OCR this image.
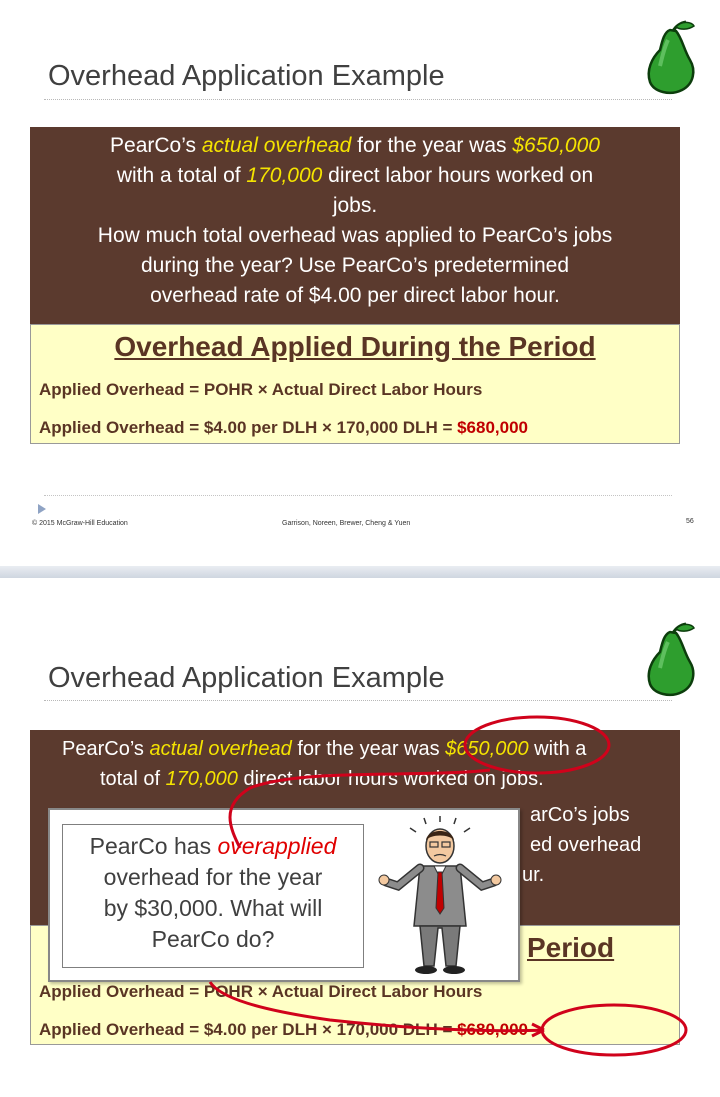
Overhead Application Example

PearCo’s actual overhead for the year was $650,000

with a total of 170,000 direct labor hours worked on

jobs.

How much total overhead was applied to PearCo’s jobs

during the year? Use PearCo’s predetermined

overhead rate of $4.00 per direct labor hour.

Overhead Applied During the Period
Applied Overhead = POHR × Actual Direct Labor Hours
Applied Overhead = $4.00 per DLH × 170,000 DLH = $680,000
© 2015 McGraw-Hill Education	Garrison, Noreen, Brewer, Cheng & Yuen	56
Overhead Application Example
PearCo’s actual overhead for the year was $650,000 with a
total of 170,000 direct labor hours worked on jobs.
arCo’s jobs
ed overhead
ur.
Period
Applied Overhead = POHR × Actual Direct Labor Hours
Applied Overhead = $4.00 per DLH × 170,000 DLH = $680,000
PearCo has overapplied
overhead for the year
by $30,000. What will
PearCo do?
